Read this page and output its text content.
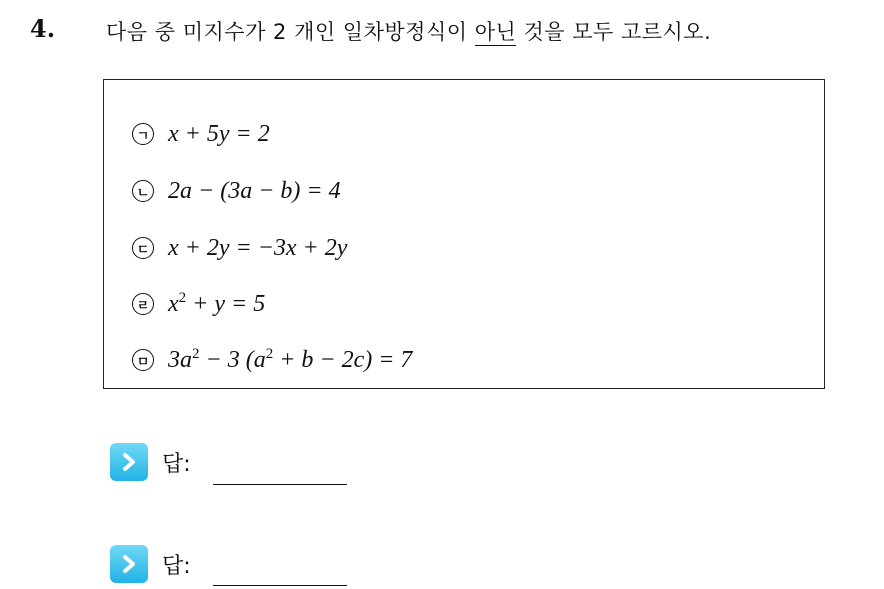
4. 다음 중 미지수가 2 개인 일차방정식이 아닌 것을 모두 고르시오.
ㄱ x + 5y = 2
ㄴ 2a − (3a − b) = 4
ㄷ x + 2y = −3x + 2y
ㄹ $x^2 + y = 5$
ㅁ $3a^2 - 3$ $(a^2 + b - 2c) = 7$
답:
답:
